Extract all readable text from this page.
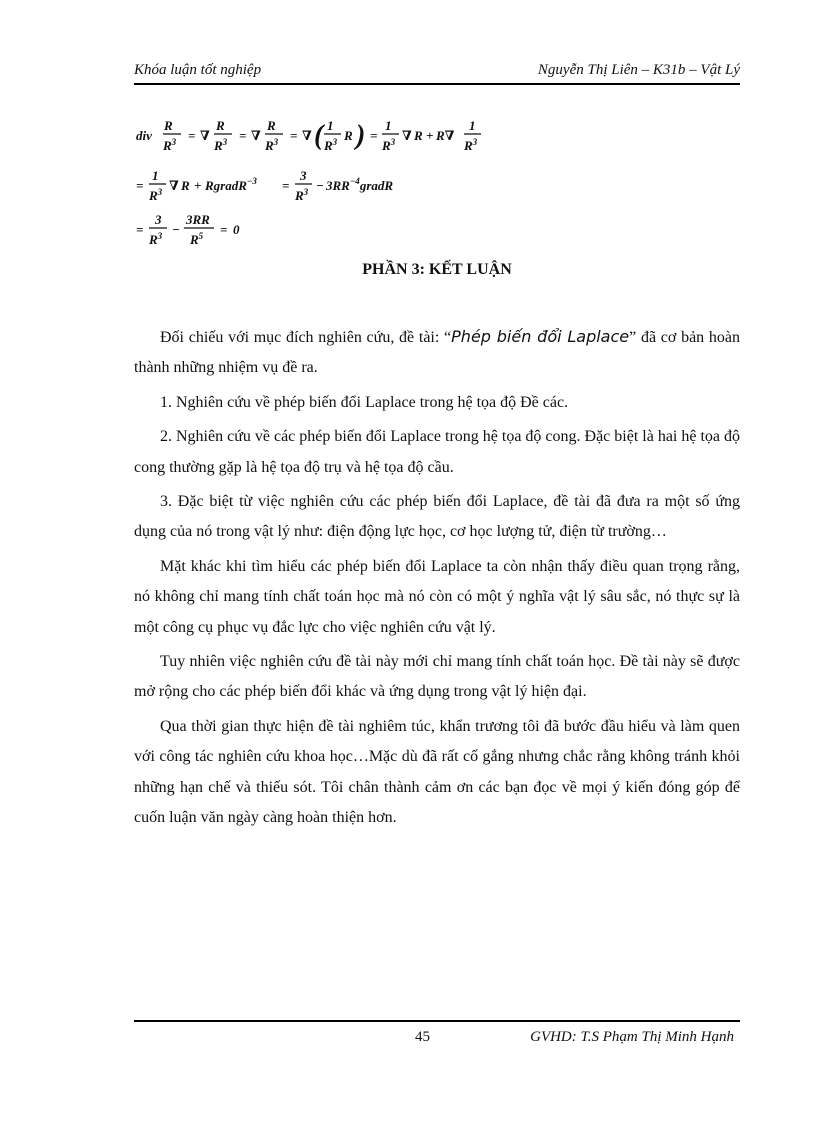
Khóa luận tốt nghiệp	Nguyễn Thị Liên – K31b – Vật Lý
div
R
$R^3$ = ∇
R
$R^3$ = ∇
R
$R^3$ = ∇ ( 1
$R^3$ R ) =
1
$R^3$ ∇ R + R∇
1
$R^3$
=
1
$R^3$ ∇ R + RgradR$^{-3}$ =
3
$R^3$ − $3RR^{-4}gradR$
=
3
$R^3$ −
3RR
$R^5 = 0$
PHẦN 3: KẾT LUẬN

Đối chiếu với mục đích nghiên cứu, đề tài: “Phép biến đổi Laplace” đã cơ bản hoàn thành những nhiệm vụ đề ra.

1. Nghiên cứu về phép biến đổi Laplace trong hệ tọa độ Đề các.

2. Nghiên cứu về các phép biến đổi Laplace trong hệ tọa độ cong. Đặc biệt là hai hệ tọa độ cong thường gặp là hệ tọa độ trụ và hệ tọa độ cầu.

3. Đặc biệt từ việc nghiên cứu các phép biến đổi Laplace, đề tài đã đưa ra một số ứng dụng của nó trong vật lý như: điện động lực học, cơ học lượng tử, điện từ trường…

Mặt khác khi tìm hiểu các phép biến đổi Laplace ta còn nhận thấy điều quan trọng rằng, nó không chỉ mang tính chất toán học mà nó còn có một ý nghĩa vật lý sâu sắc, nó thực sự là một công cụ phục vụ đắc lực cho việc nghiên cứu vật lý.

Tuy nhiên việc nghiên cứu đề tài này mới chỉ mang tính chất toán học. Đề tài này sẽ được mở rộng cho các phép biến đổi khác và ứng dụng trong vật lý hiện đại.

Qua thời gian thực hiện đề tài nghiêm túc, khẩn trương tôi đã bước đầu hiểu và làm quen với công tác nghiên cứu khoa học…Mặc dù đã rất cố gắng nhưng chắc rằng không tránh khỏi những hạn chế và thiếu sót. Tôi chân thành cảm ơn các bạn đọc về mọi ý kiến đóng góp để cuốn luận văn ngày càng hoàn thiện hơn.

45	GVHD: T.S Phạm Thị Minh Hạnh
